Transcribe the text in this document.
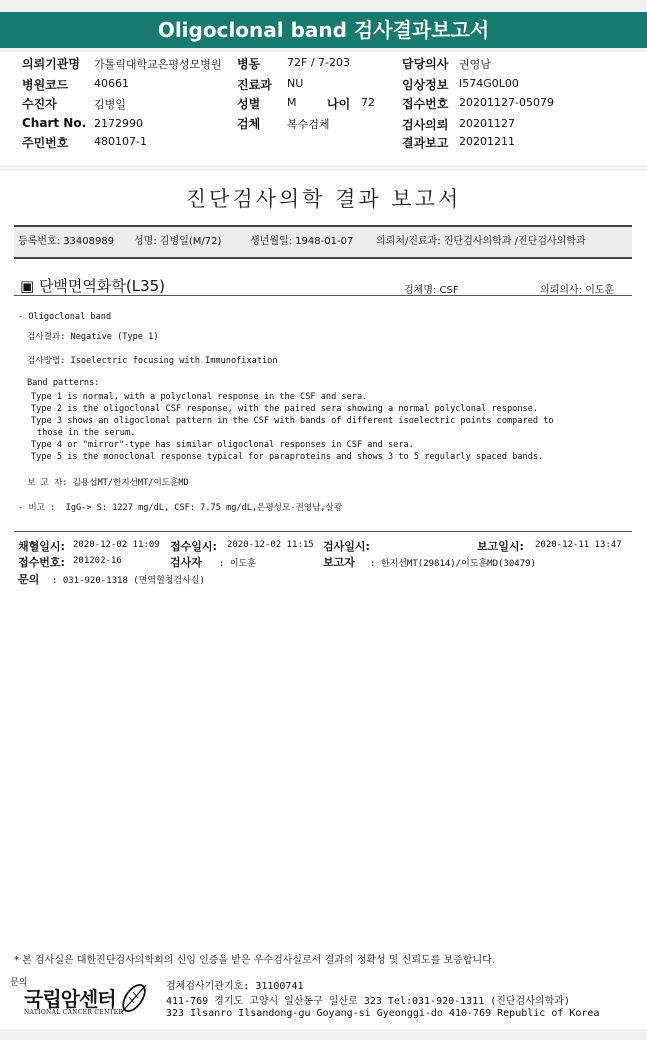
Oligoclonal band 검사결과보고서
의뢰기관명 가톨릭대학교은평성모병원 병동 72F / 7-203	담당의사 권영남
병원코드 40661	진료과 NU	임상정보 I574G0L00
수진자	김병일	성별 M	나이 72 접수번호 20201127-05079
Chart No. 2172990	검체 복수검체	검사의뢰 20201127
주민번호 480107-1	결과보고 20201211
진단검사의학 결과 보고서
등록번호: 33408989 성명: 김병일(M/72)	생년월일: 1948-01-07 의뢰처/진료과: 진단검사의학과 /진단검사의학과
▣ 단백면역화학(L35)	검체명: CSF	의뢰의사: 이도훈
* 본 검사실은 대한진단검사의학회의 신임 인증을 받은 우수검사실로서 결과의 정확성 및 신뢰도를 보증합니다.
문의
국립암센터
NATIONAL CANCER CENTER
- Oligoclonal band
검사결과: Negative (Type 1)
검사방법: Isoelectric focusing with Immunofixation
Band patterns:
Type 1 is normal, with a polyclonal response in the CSF and sera.
Type 2 is the oligoclonal CSF response, with the paired sera showing a normal polyclonal response.
Type 3 shows an oligoclonal pattern in the CSF with bands of different isoelectric points compared to
those in the serum.
Type 4 or "mirror"-type has similar oligoclonal responses in CSF and sera.
Type 5 is the monoclonal response typical for paraproteins and shows 3 to 5 regularly spaced bands.
보 고 자: 김용섭MT/한지선MT/이도훈MD
- 비고 :  IgG-> S: 1227 mg/dL, CSF: 7.75 mg/dL,은평성모-권영남,살광
채혈일시: 2020-12-02 11:09 접수일시: 2020-12-02 11:15 검사일시:	보고일시: 2020-12-11 13:47
접수번호: 201202-16	검사자 : 이도훈	보고자 : 한지선MT(29814)/이도훈MD(30479)
문의 : 031-920-1318 (면역혈청검사실)
검체검사기관기호: 31100741
411-769 경기도 고양시 일산동구 일산로 323 Tel:031-920-1311 (진단검사의학과)
323 Ilsanro Ilsandong-gu Goyang-si Gyeonggi-do 410-769 Republic of Korea
